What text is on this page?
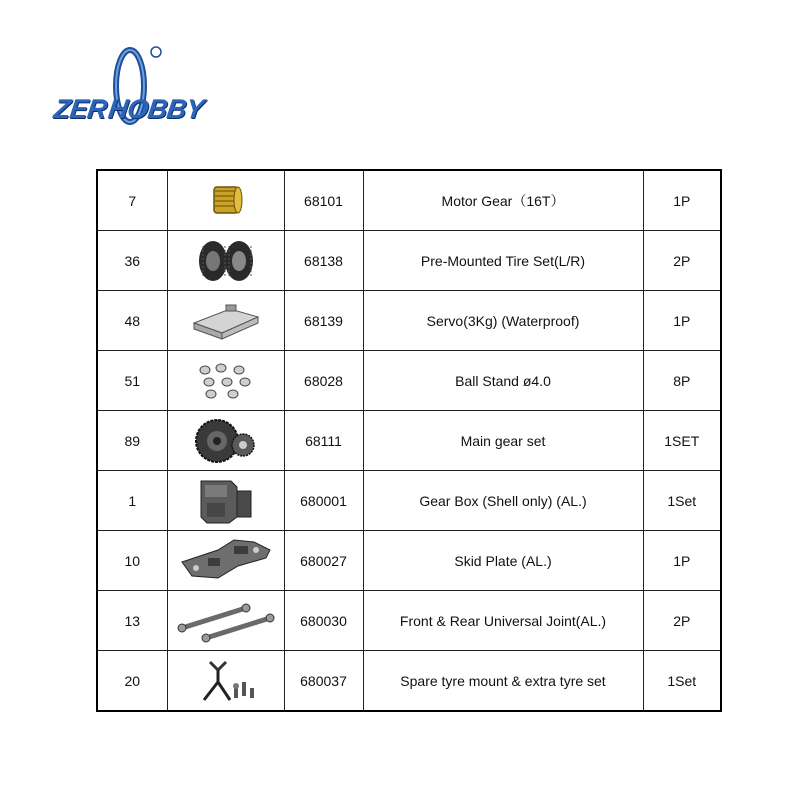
ZERHOBBY
7		68101	Motor Gear（16T）	1P
36		68138	Pre-Mounted Tire Set(L/R)	2P
48		68139	Servo(3Kg) (Waterproof)	1P
51		68028	Ball Stand ø4.0	8P
89		68111	Main gear set	1SET
1		680001	Gear Box (Shell only) (AL.)	1Set
10		680027	Skid Plate (AL.)	1P
13		680030	Front & Rear Universal Joint(AL.)	2P
20		680037	Spare tyre mount & extra tyre set	1Set
